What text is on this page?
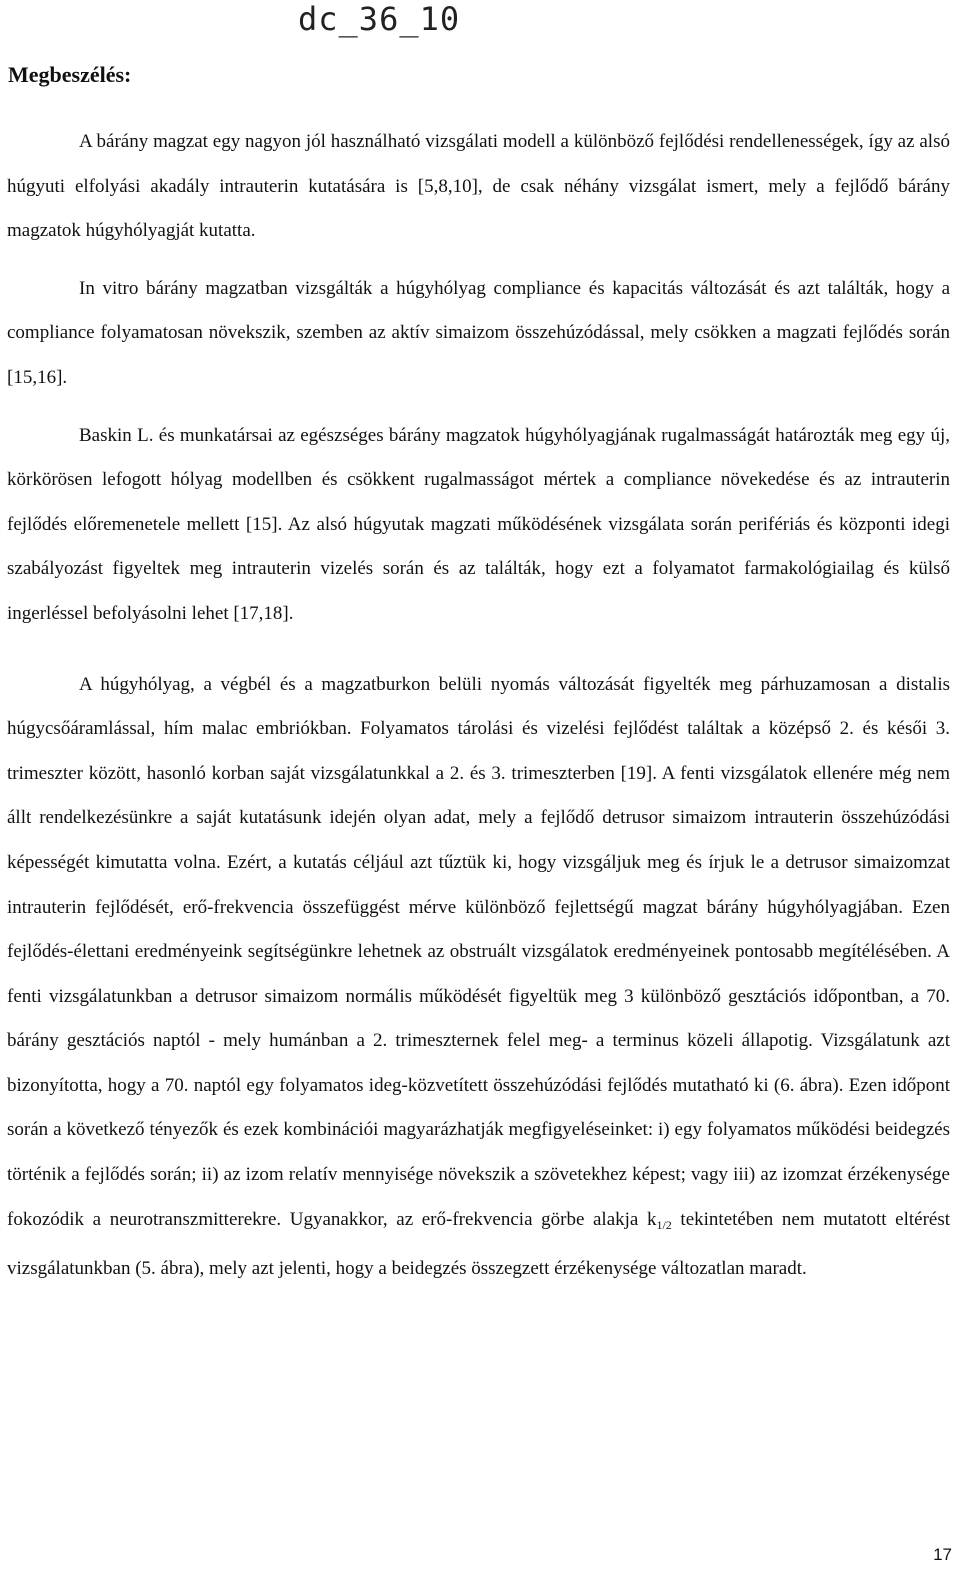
dc_36_10
Megbeszélés:

A bárány magzat egy nagyon jól használható vizsgálati modell a különböző fejlődési rendellenességek, így az alsó húgyuti elfolyási akadály intrauterin kutatására is [5,8,10], de csak néhány vizsgálat ismert, mely a fejlődő bárány magzatok húgyhólyagját kutatta.

In vitro bárány magzatban vizsgálták a húgyhólyag compliance és kapacitás változását és azt találták, hogy a compliance folyamatosan növekszik, szemben az aktív simaizom összehúzódással, mely csökken a magzati fejlődés során [15,16].

Baskin L. és munkatársai az egészséges bárány magzatok húgyhólyagjának rugalmasságát határozták meg egy új, körkörösen lefogott hólyag modellben és csökkent rugalmasságot mértek a compliance növekedése és az intrauterin fejlődés előremenetele mellett [15]. Az alsó húgyutak magzati működésének vizsgálata során perifériás és központi idegi szabályozást figyeltek meg intrauterin vizelés során és az találták, hogy ezt a folyamatot farmakológiailag és külső ingerléssel befolyásolni lehet [17,18].

A húgyhólyag, a végbél és a magzatburkon belüli nyomás változását figyelték meg párhuzamosan a distalis húgycsőáramlással, hím malac embriókban. Folyamatos tárolási és vizelési fejlődést találtak a középső 2. és késői 3. trimeszter között, hasonló korban saját vizsgálatunkkal a 2. és 3. trimeszterben [19]. A fenti vizsgálatok ellenére még nem állt rendelkezésünkre a saját kutatásunk idején olyan adat, mely a fejlődő detrusor simaizom intrauterin összehúzódási képességét kimutatta volna. Ezért, a kutatás céljául azt tűztük ki, hogy vizsgáljuk meg és írjuk le a detrusor simaizomzat intrauterin fejlődését, erő-frekvencia összefüggést mérve különböző fejlettségű magzat bárány húgyhólyagjában. Ezen fejlődés-élettani eredményeink segítségünkre lehetnek az obstruált vizsgálatok eredményeinek pontosabb megítélésében. A fenti vizsgálatunkban a detrusor simaizom normális működését figyeltük meg 3 különböző gesztációs időpontban, a 70. bárány gesztációs naptól - mely humánban a 2. trimeszternek felel meg- a terminus közeli állapotig. Vizsgálatunk azt bizonyította, hogy a 70. naptól egy folyamatos ideg-közvetített összehúzódási fejlődés mutatható ki (6. ábra). Ezen időpont során a következő tényezők és ezek kombinációi magyarázhatják megfigyeléseinket: i) egy folyamatos működési beidegzés történik a fejlődés során; ii) az izom relatív mennyisége növekszik a szövetekhez képest; vagy iii) az izomzat érzékenysége fokozódik a neurotranszmitterekre. Ugyanakkor, az erő-frekvencia görbe alakja $k_{1/2}$ tekintetében nem mutatott eltérést vizsgálatunkban (5. ábra), mely azt jelenti, hogy a beidegzés összegzett érzékenysége változatlan maradt.

17
